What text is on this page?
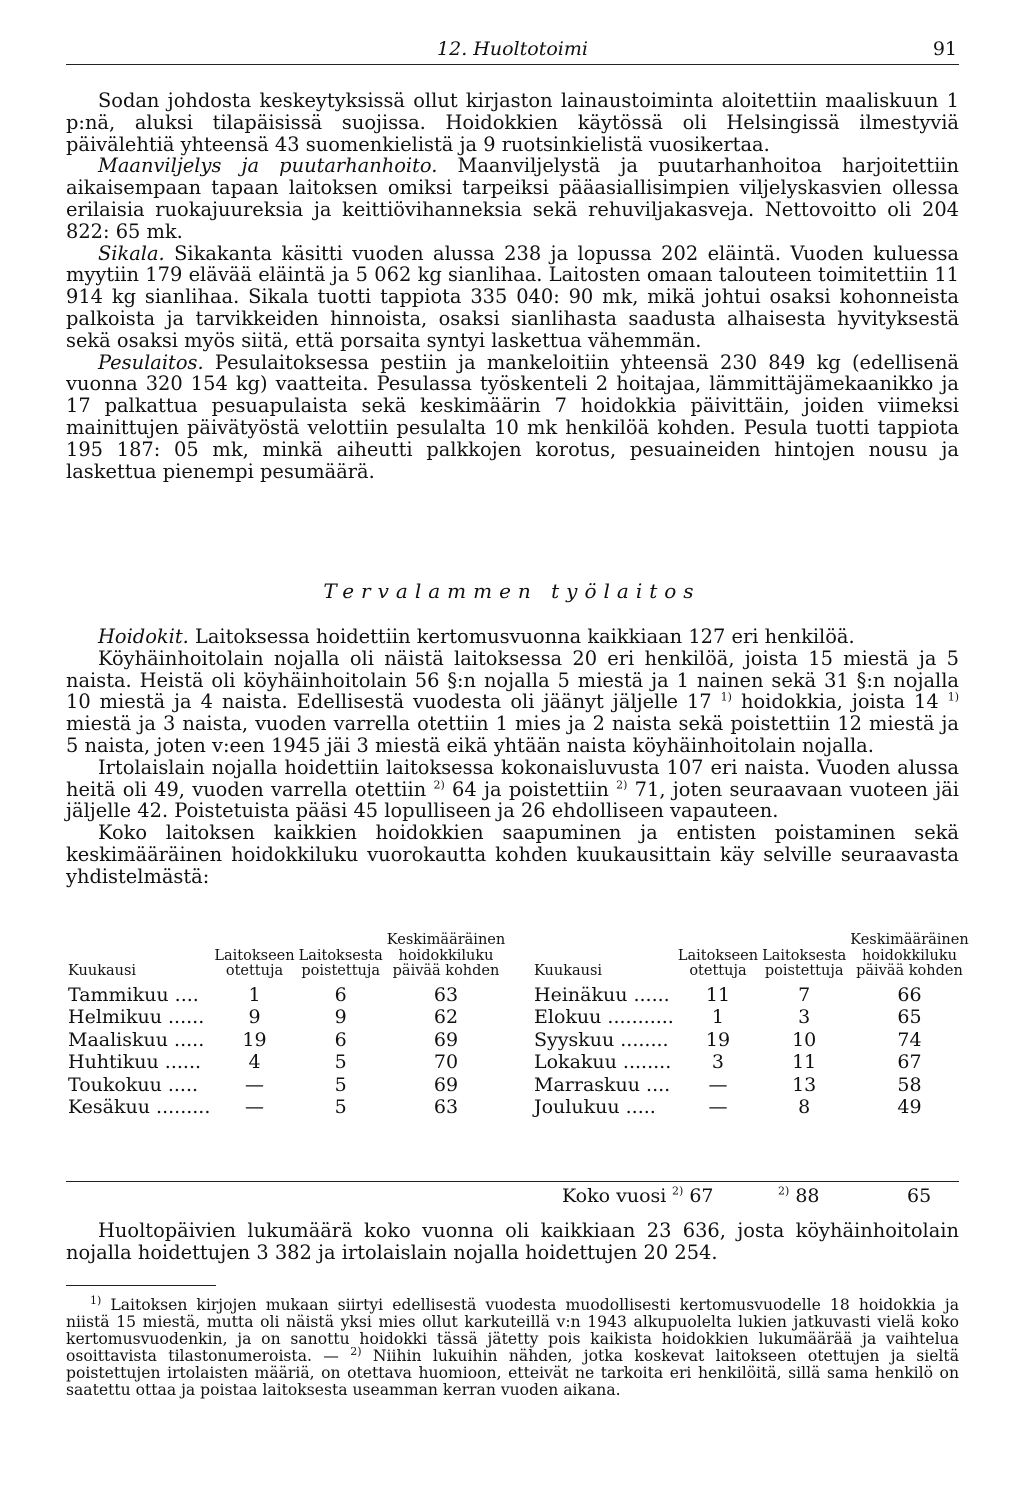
12. Huoltotoimi	91

Sodan johdosta keskeytyksissä ollut kirjaston lainaustoiminta aloitettiin maaliskuun 1 p:nä, aluksi tilapäisissä suojissa. Hoidokkien käytössä oli Helsingissä ilmestyviä päivälehtiä yhteensä 43 suomenkielistä ja 9 ruotsinkielistä vuosikertaa.

Maanviljelys ja puutarhanhoito. Maanviljelystä ja puutarhanhoitoa harjoitettiin aikaisempaan tapaan laitoksen omiksi tarpeiksi pääasiallisimpien viljelyskasvien ollessa erilaisia ruokajuureksia ja keittiövihanneksia sekä rehuviljakasveja. Nettovoitto oli 204 822: 65 mk.

Sikala. Sikakanta käsitti vuoden alussa 238 ja lopussa 202 eläintä. Vuoden kuluessa myytiin 179 elävää eläintä ja 5 062 kg sianlihaa. Laitosten omaan talouteen toimitettiin 11 914 kg sianlihaa. Sikala tuotti tappiota 335 040: 90 mk, mikä johtui osaksi kohonneista palkoista ja tarvikkeiden hinnoista, osaksi sianlihasta saadusta alhaisesta hyvityksestä sekä osaksi myös siitä, että porsaita syntyi laskettua vähemmän.

Pesulaitos. Pesulaitoksessa pestiin ja mankeloitiin yhteensä 230 849 kg (edellisenä vuonna 320 154 kg) vaatteita. Pesulassa työskenteli 2 hoitajaa, lämmittäjämekaanikko ja 17 palkattua pesuapulaista sekä keskimäärin 7 hoidokkia päivittäin, joiden viimeksi mainittujen päivätyöstä velottiin pesulalta 10 mk henkilöä kohden. Pesula tuotti tappiota 195 187: 05 mk, minkä aiheutti palkkojen korotus, pesuaineiden hintojen nousu ja laskettua pienempi pesumäärä.

Tervalammen työlaitos

Hoidokit. Laitoksessa hoidettiin kertomusvuonna kaikkiaan 127 eri henkilöä.

Köyhäinhoitolain nojalla oli näistä laitoksessa 20 eri henkilöä, joista 15 miestä ja 5 naista. Heistä oli köyhäinhoitolain 56 §:n nojalla 5 miestä ja 1 nainen sekä 31 §:n nojalla 10 miestä ja 4 naista. Edellisestä vuodesta oli jäänyt jäljelle 17 $^{1)}$ hoidokkia, joista 14 $^{1)}$ miestä ja 3 naista, vuoden varrella otettiin 1 mies ja 2 naista sekä poistettiin 12 miestä ja 5 naista, joten v:een 1945 jäi 3 miestä eikä yhtään naista köyhäinhoitolain nojalla.

Irtolaislain nojalla hoidettiin laitoksessa kokonaisluvusta 107 eri naista. Vuoden alussa heitä oli 49, vuoden varrella otettiin $^{2)}$ 64 ja poistettiin $^{2)}$ 71, joten seuraavaan vuoteen jäi jäljelle 42. Poistetuista pääsi 45 lopulliseen ja 26 ehdolliseen vapauteen.

Koko laitoksen kaikkien hoidokkien saapuminen ja entisten poistaminen sekä keskimääräinen hoidokkiluku vuorokautta kohden kuukausittain käy selville seuraavasta yhdistelmästä:

Kuukausi	Laitokseen otettuja	Laitoksesta poistettuja	Keskimääräinen hoidokkiluku päivää kohden
Tammikuu ....	1	6	63
Helmikuu ......	9	9	62
Maaliskuu .....	19	6	69
Huhtikuu ......	4	5	70
Toukokuu .....	—	5	69
Kesäkuu .........	—	5	63
Kuukausi	Laitokseen otettuja	Laitoksesta poistettuja	Keskimääräinen hoidokkiluku päivää kohden
Heinäkuu ......	11	7	66
Elokuu ...........	1	3	65
Syyskuu ........	19	10	74
Lokakuu ........	3	11	67
Marraskuu ....	—	13	58
Joulukuu .....	—	8	49
Koko vuosi $^{2)}$ 67	$^{2)}$ 88	65

Huoltopäivien lukumäärä koko vuonna oli kaikkiaan 23 636, josta köyhäinhoitolain nojalla hoidettujen 3 382 ja irtolaislain nojalla hoidettujen 20 254.

$^{1)}$ Laitoksen kirjojen mukaan siirtyi edellisestä vuodesta muodollisesti kertomusvuodelle 18 hoidokkia ja niistä 15 miestä, mutta oli näistä yksi mies ollut karkuteillä v:n 1943 alkupuolelta lukien jatkuvasti vielä koko kertomusvuodenkin, ja on sanottu hoidokki tässä jätetty pois kaikista hoidokkien lukumäärää ja vaihtelua osoittavista tilastonumeroista. — $^{2)}$ Niihin lukuihin nähden, jotka koskevat laitokseen otettujen ja sieltä poistettujen irtolaisten määriä, on otettava huomioon, etteivät ne tarkoita eri henkilöitä, sillä sama henkilö on saatettu ottaa ja poistaa laitoksesta useamman kerran vuoden aikana.
